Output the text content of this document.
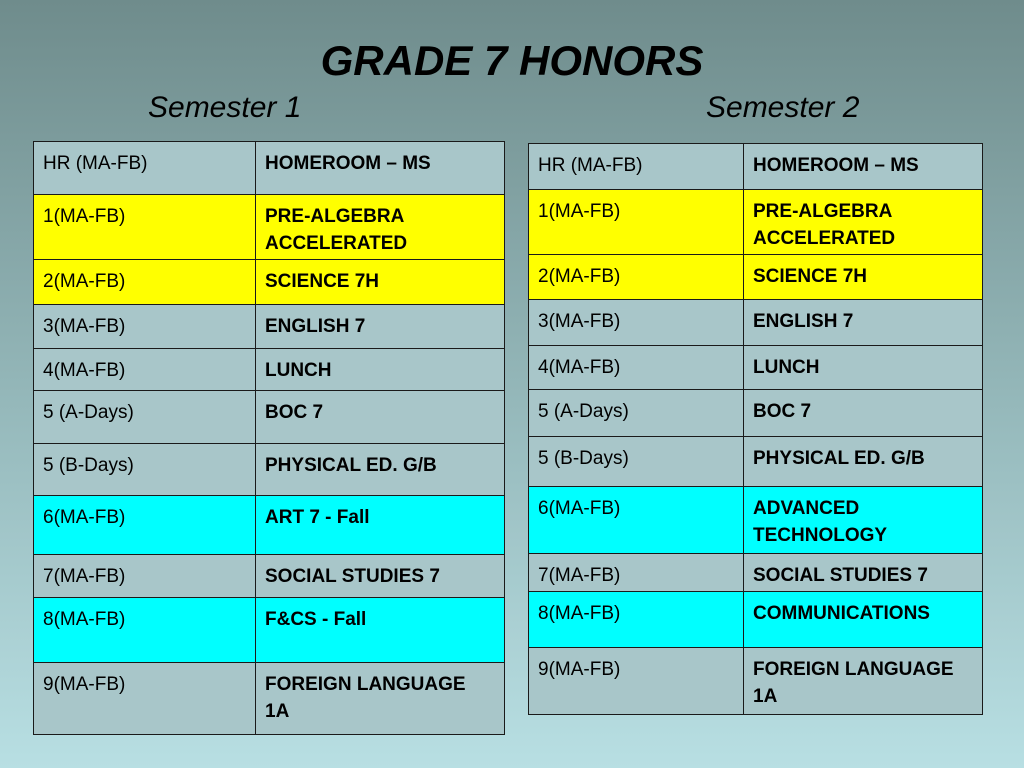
GRADE 7 HONORS
Semester 1	Semester 2
HR (MA-FB)	HOMEROOM – MS
1(MA-FB)	PRE-ALGEBRA ACCELERATED
2(MA-FB)	SCIENCE 7H
3(MA-FB)	ENGLISH 7
4(MA-FB)	LUNCH
5 (A-Days)	BOC 7
5 (B-Days)	PHYSICAL ED. G/B
6(MA-FB)	ART 7 - Fall
7(MA-FB)	SOCIAL STUDIES 7
8(MA-FB)	F&CS - Fall
9(MA-FB)	FOREIGN LANGUAGE 1A
HR (MA-FB)	HOMEROOM – MS
1(MA-FB)	PRE-ALGEBRA ACCELERATED
2(MA-FB)	SCIENCE 7H
3(MA-FB)	ENGLISH 7
4(MA-FB)	LUNCH
5 (A-Days)	BOC 7
5 (B-Days)	PHYSICAL ED. G/B
6(MA-FB)	ADVANCED TECHNOLOGY
7(MA-FB)	SOCIAL STUDIES 7
8(MA-FB)	COMMUNICATIONS
9(MA-FB)	FOREIGN LANGUAGE 1A
